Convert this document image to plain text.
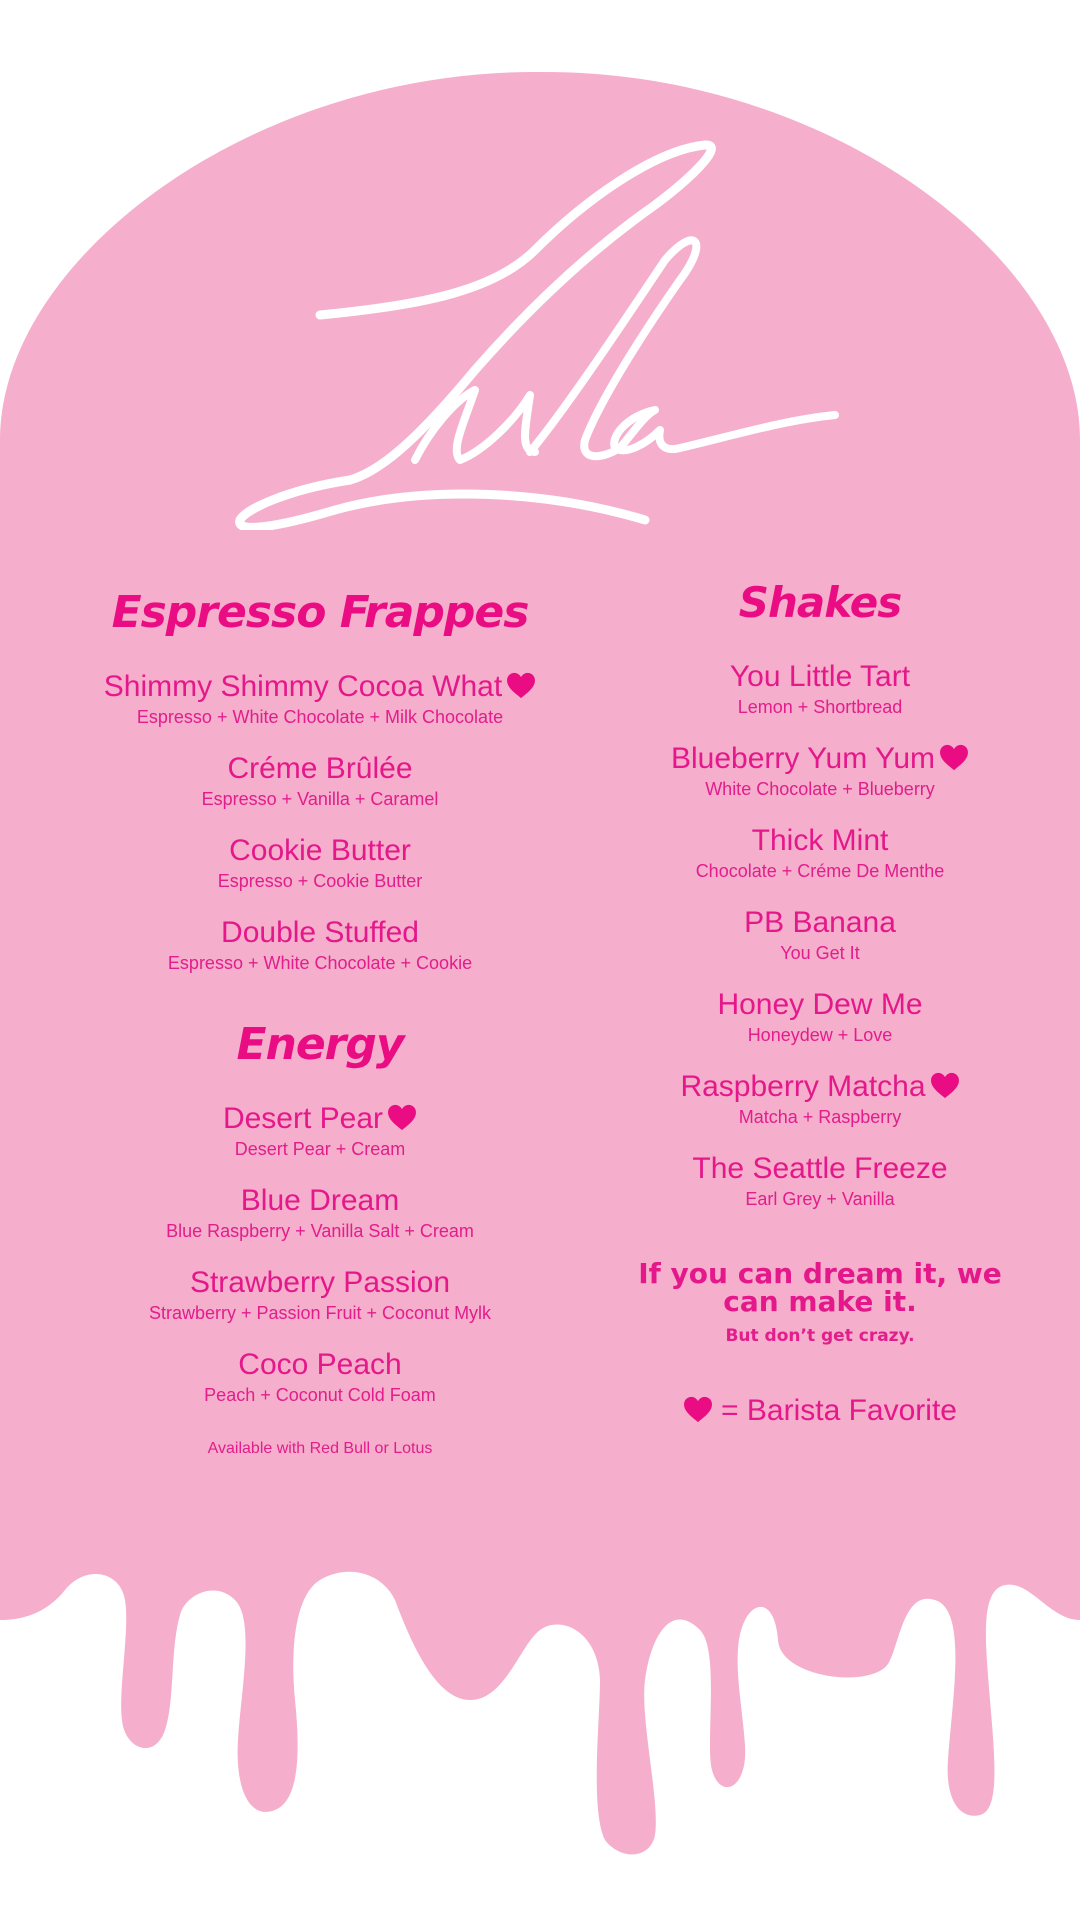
Espresso Frappes
Shimmy Shimmy Cocoa What
Espresso + White Chocolate + Milk Chocolate
Créme Brûlée
Espresso + Vanilla + Caramel
Cookie Butter
Espresso + Cookie Butter
Double Stuffed
Espresso + White Chocolate + Cookie
Energy
Desert Pear
Desert Pear + Cream
Blue Dream
Blue Raspberry + Vanilla Salt + Cream
Strawberry Passion
Strawberry + Passion Fruit + Coconut Mylk
Coco Peach
Peach + Coconut Cold Foam
Available with Red Bull or Lotus
Shakes
You Little Tart
Lemon + Shortbread
Blueberry Yum Yum
White Chocolate + Blueberry
Thick Mint
Chocolate + Créme De Menthe
PB Banana
You Get It
Honey Dew Me
Honeydew + Love
Raspberry Matcha
Matcha + Raspberry
The Seattle Freeze
Earl Grey + Vanilla
If you can dream it, we can make it.
But don’t get crazy.
= Barista Favorite
